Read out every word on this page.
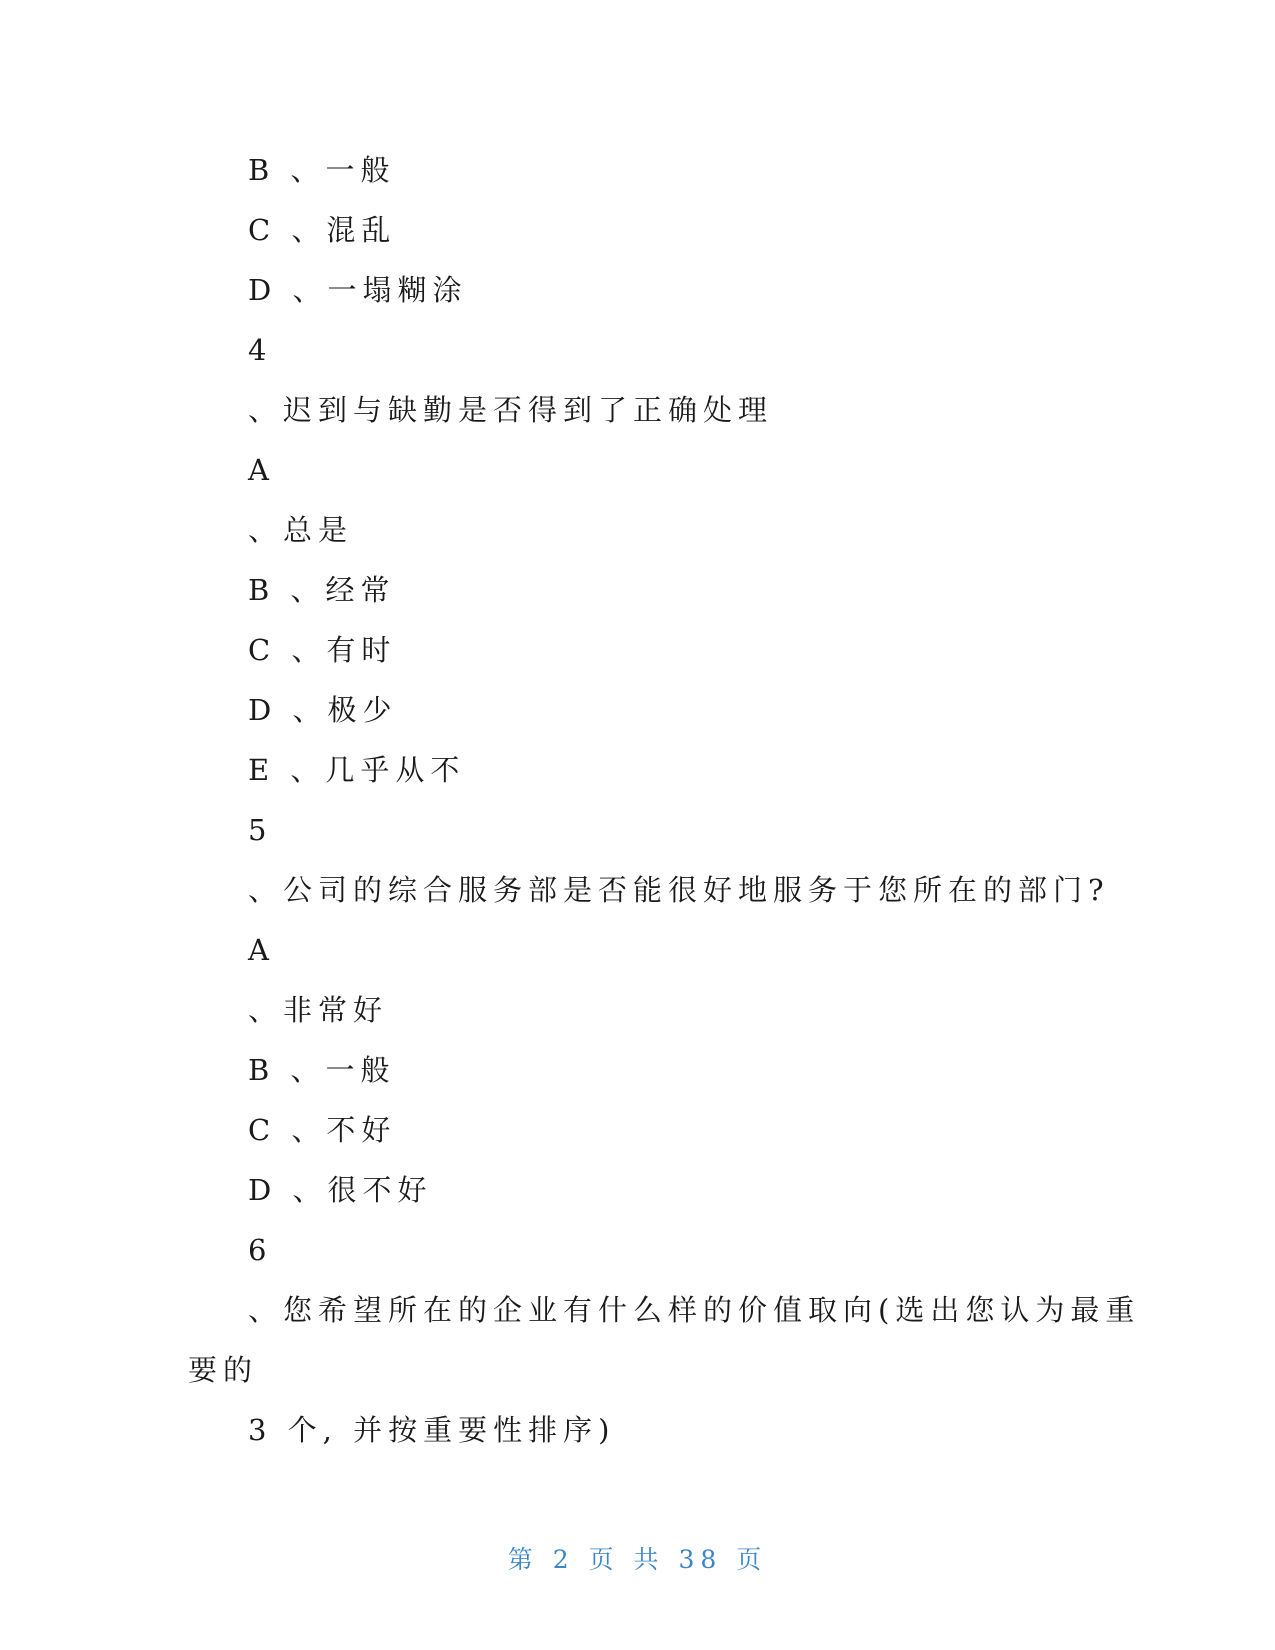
B 、一般
C 、混乱
D 、一塌糊涂
4
、迟到与缺勤是否得到了正确处理
A
、总是
B 、经常
C 、有时
D 、极少
E 、几乎从不
5
、公司的综合服务部是否能很好地服务于您所在的部门?
A
、非常好
B 、一般
C 、不好
D 、很不好
6
、您希望所在的企业有什么样的价值取向(选出您认为最重
要的
3 个, 并按重要性排序)
第 2 页 共 38 页
